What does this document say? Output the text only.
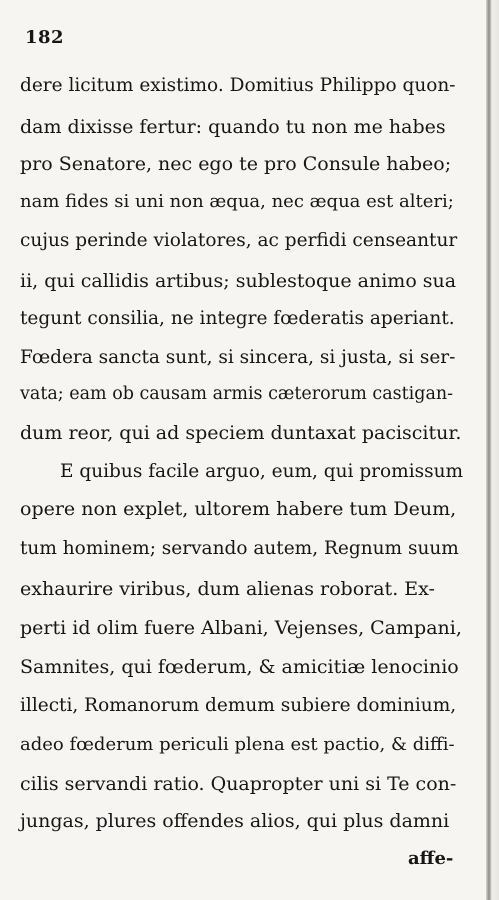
182
dere licitum existimo. Domitius Philippo quon-
dam dixisse fertur: quando tu non me habes
pro Senatore, nec ego te pro Consule habeo;
nam fides si uni non æqua, nec æqua est alteri;
cujus perinde violatores, ac perfidi censeantur
ii, qui callidis artibus; sublestoque animo sua
tegunt consilia, ne integre fœderatis aperiant.
Fœdera sancta sunt, si sincera, si justa, si ser-
vata; eam ob causam armis cæterorum castigan-
dum reor, qui ad speciem duntaxat paciscitur.
E quibus facile arguo, eum, qui promissum
opere non explet, ultorem habere tum Deum,
tum hominem; servando autem, Regnum suum
exhaurire viribus, dum alienas roborat. Ex-
perti id olim fuere Albani, Vejenses, Campani,
Samnites, qui fœderum, & amicitiæ lenocinio
illecti, Romanorum demum subiere dominium,
adeo fœderum periculi plena est pactio, & diffi-
cilis servandi ratio. Quapropter uni si Te con-
jungas, plures offendes alios, qui plus damni
affe-
